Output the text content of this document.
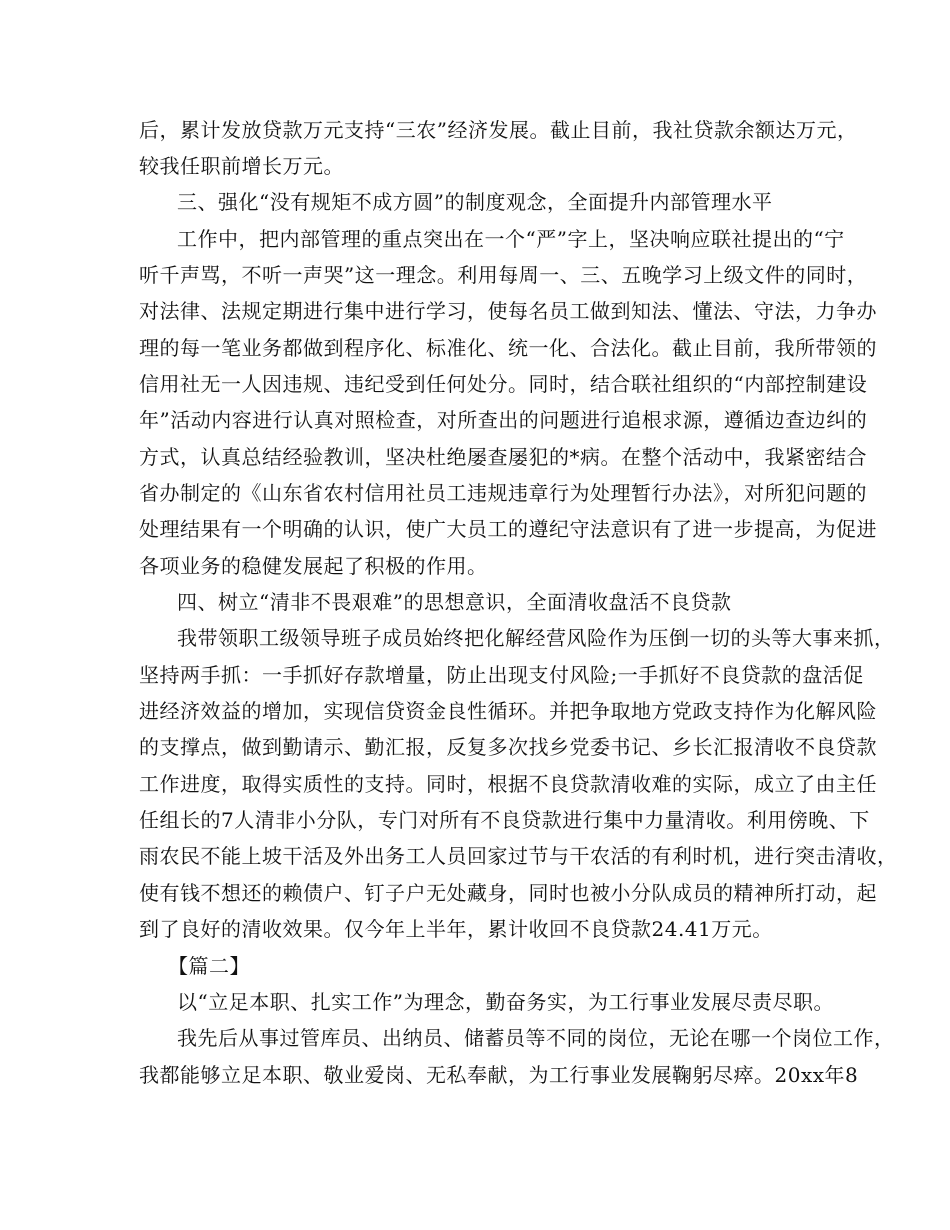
后，累计发放贷款万元支持“三农”经济发展。截止目前，我社贷款余额达万元，
较我任职前增长万元。
三、强化“没有规矩不成方圆”的制度观念，全面提升内部管理水平
工作中，把内部管理的重点突出在一个“严”字上，坚决响应联社提出的“宁
听千声骂，不听一声哭”这一理念。利用每周一、三、五晚学习上级文件的同时，
对法律、法规定期进行集中进行学习，使每名员工做到知法、懂法、守法，力争办
理的每一笔业务都做到程序化、标准化、统一化、合法化。截止目前，我所带领的
信用社无一人因违规、违纪受到任何处分。同时，结合联社组织的“内部控制建设
年”活动内容进行认真对照检查，对所查出的问题进行追根求源，遵循边查边纠的
方式，认真总结经验教训，坚决杜绝屡查屡犯的*病。在整个活动中，我紧密结合
省办制定的《山东省农村信用社员工违规违章行为处理暂行办法》，对所犯问题的
处理结果有一个明确的认识，使广大员工的遵纪守法意识有了进一步提高，为促进
各项业务的稳健发展起了积极的作用。
四、树立“清非不畏艰难”的思想意识，全面清收盘活不良贷款
我带领职工级领导班子成员始终把化解经营风险作为压倒一切的头等大事来抓，
坚持两手抓：一手抓好存款增量，防止出现支付风险;一手抓好不良贷款的盘活促
进经济效益的增加，实现信贷资金良性循环。并把争取地方党政支持作为化解风险
的支撑点，做到勤请示、勤汇报，反复多次找乡党委书记、乡长汇报清收不良贷款
工作进度，取得实质性的支持。同时，根据不良贷款清收难的实际，成立了由主任
任组长的7人清非小分队，专门对所有不良贷款进行集中力量清收。利用傍晚、下
雨农民不能上坡干活及外出务工人员回家过节与干农活的有利时机，进行突击清收，
使有钱不想还的赖债户、钉子户无处藏身，同时也被小分队成员的精神所打动，起
到了良好的清收效果。仅今年上半年，累计收回不良贷款24.41万元。
【篇二】
以“立足本职、扎实工作”为理念，勤奋务实，为工行事业发展尽责尽职。
我先后从事过管库员、出纳员、储蓄员等不同的岗位，无论在哪一个岗位工作，
我都能够立足本职、敬业爱岗、无私奉献，为工行事业发展鞠躬尽瘁。20xx年8
